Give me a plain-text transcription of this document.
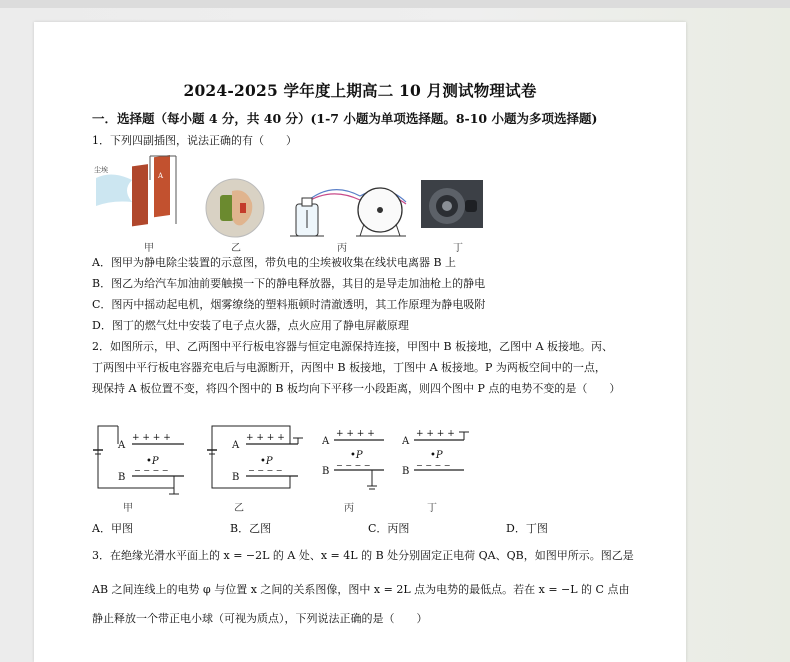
2024-2025 学年度上期高二 10 月测试物理试卷
一．选择题（每小题 4 分，共 40 分）(1-7 小题为单项选择题。8-10 小题为多项选择题)
1．下列四副插图，说法正确的有（　　）
尘埃
A
甲	乙	丙	丁
A．图甲为静电除尘装置的示意图，带负电的尘埃被收集在线状电离器 B 上
B．图乙为给汽车加油前要触摸一下的静电释放器，其目的是导走加油枪上的静电
C．图丙中摇动起电机，烟雾缭绕的塑料瓶顿时清澈透明，其工作原理为静电吸附
D．图丁的燃气灶中安装了电子点火器，点火应用了静电屏蔽原理
2．如图所示，甲、乙两图中平行板电容器与恒定电源保持连接，甲图中 B 板接地，乙图中 A 板接地。丙、
丁两图中平行板电容器充电后与电源断开，丙图中 B 板接地，丁图中 A 板接地。P 为两板空间中的一点，
现保持 A 板位置不变，将四个图中的 B 板均向下平移一小段距离，则四个图中 P 点的电势不变的是（　　）
A
+ + + +
B
− − − −
•P
A
+ + + +
B
− − − −
•P
A
+ + + +
B
− − − −
•P
A
+ + + +
B
− − − −
•P
甲	乙	丙	丁
A．甲图	B．乙图	C．丙图	D．丁图
3．在绝缘光滑水平面上的 x = −2L 的 A 处、x = 4L 的 B 处分别固定正电荷 QA、QB，如图甲所示。图乙是
AB 之间连线上的电势 φ 与位置 x 之间的关系图像，图中 x = 2L 点为电势的最低点。若在 x = −L 的 C 点由
静止释放一个带正电小球（可视为质点），下列说法正确的是（　　）
